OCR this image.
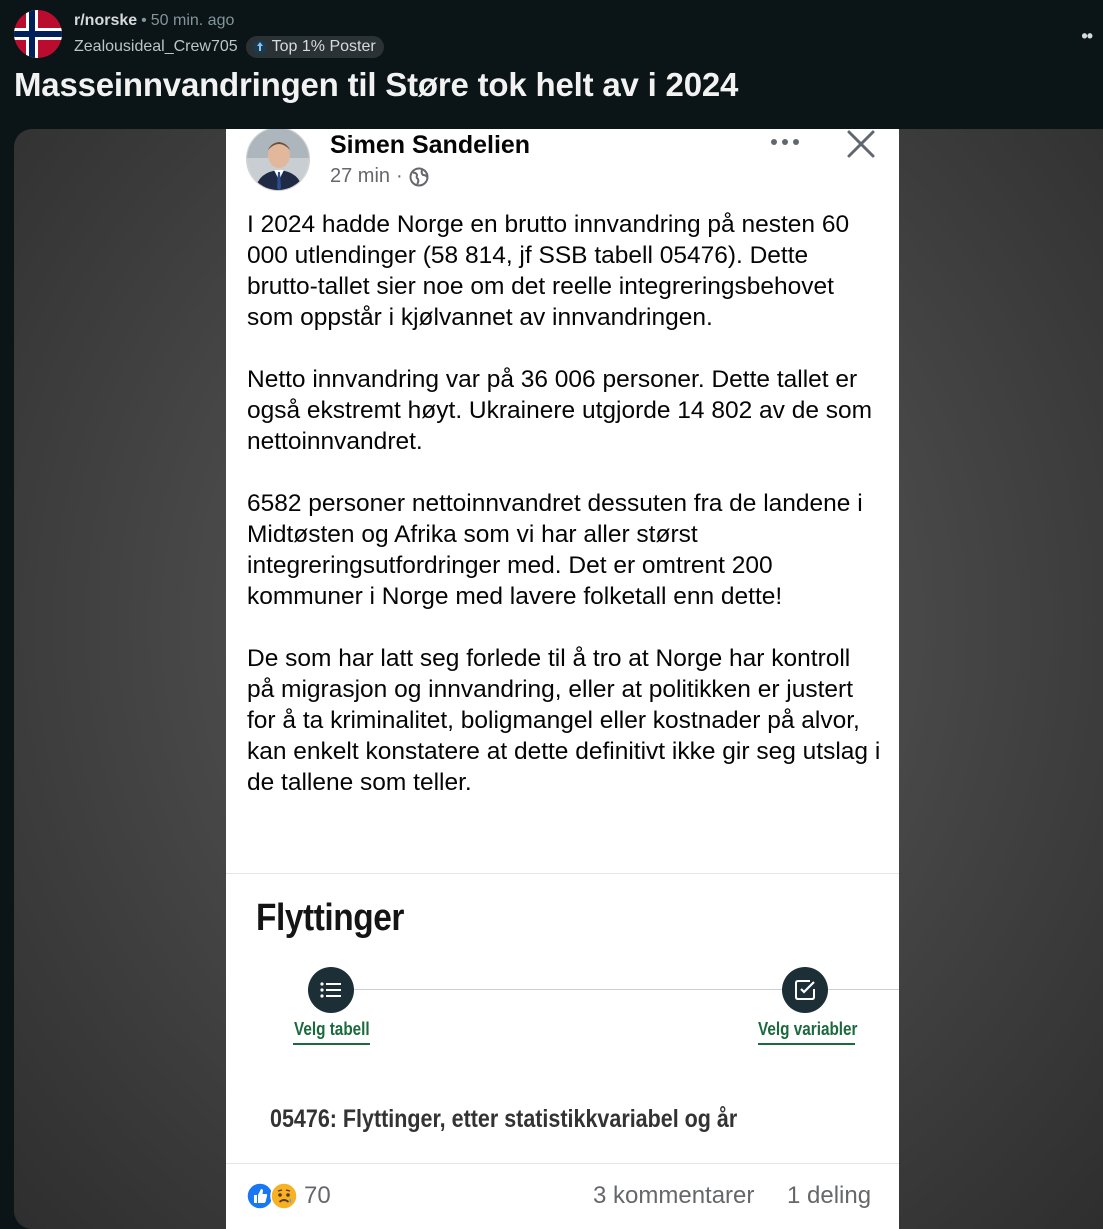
r/norske • 50 min. ago
Zealousideal_Crew705 Top 1% Poster
••
Masseinnvandringen til Støre tok helt av i 2024
Simen Sandelien
27 min ·

I 2024 hadde Norge en brutto innvandring på nesten 60 000 utlendinger (58 814, jf SSB tabell 05476). Dette brutto-tallet sier noe om det reelle integreringsbehovet som oppstår i kjølvannet av innvandringen.

Netto innvandring var på 36 006 personer. Dette tallet er også ekstremt høyt. Ukrainere utgjorde 14 802 av de som nettoinnvandret.

6582 personer nettoinnvandret dessuten fra de landene i Midtøsten og Afrika som vi har aller størst integreringsutfordringer med. Det er omtrent 200 kommuner i Norge med lavere folketall enn dette!

De som har latt seg forlede til å tro at Norge har kontroll på migrasjon og innvandring, eller at politikken er justert for å ta kriminalitet, boligmangel eller kostnader på alvor, kan enkelt konstatere at dette definitivt ikke gir seg utslag i de tallene som teller.

Flyttinger
Velg tabell	Velg variabler
05476: Flyttinger, etter statistikkvariabel og år
70	3 kommentarer 1 deling
